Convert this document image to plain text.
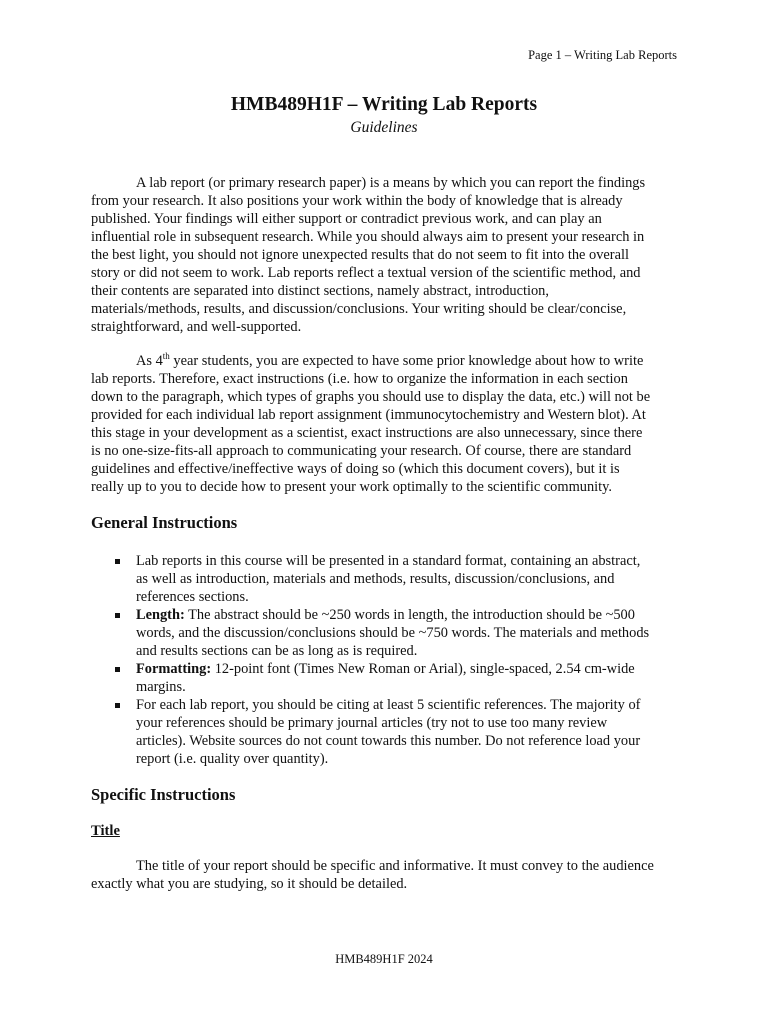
Page 1 – Writing Lab Reports
HMB489H1F – Writing Lab Reports
Guidelines

A lab report (or primary research paper) is a means by which you can report the findings
from your research. It also positions your work within the body of knowledge that is already
published. Your findings will either support or contradict previous work, and can play an
influential role in subsequent research. While you should always aim to present your research in
the best light, you should not ignore unexpected results that do not seem to fit into the overall
story or did not seem to work. Lab reports reflect a textual version of the scientific method, and
their contents are separated into distinct sections, namely abstract, introduction,
materials/methods, results, and discussion/conclusions. Your writing should be clear/concise,
straightforward, and well-supported.

As 4th year students, you are expected to have some prior knowledge about how to write
lab reports. Therefore, exact instructions (i.e. how to organize the information in each section
down to the paragraph, which types of graphs you should use to display the data, etc.) will not be
provided for each individual lab report assignment (immunocytochemistry and Western blot). At
this stage in your development as a scientist, exact instructions are also unnecessary, since there
is no one-size-fits-all approach to communicating your research. Of course, there are standard
guidelines and effective/ineffective ways of doing so (which this document covers), but it is
really up to you to decide how to present your work optimally to the scientific community.

General Instructions
Lab reports in this course will be presented in a standard format, containing an abstract,
as well as introduction, materials and methods, results, discussion/conclusions, and
references sections.
Length: The abstract should be ~250 words in length, the introduction should be ~500
words, and the discussion/conclusions should be ~750 words. The materials and methods
and results sections can be as long as is required.
Formatting: 12-point font (Times New Roman or Arial), single-spaced, 2.54 cm-wide
margins.
For each lab report, you should be citing at least 5 scientific references. The majority of
your references should be primary journal articles (try not to use too many review
articles). Website sources do not count towards this number. Do not reference load your
report (i.e. quality over quantity).
Specific Instructions
Title

The title of your report should be specific and informative. It must convey to the audience
exactly what you are studying, so it should be detailed.

HMB489H1F 2024
